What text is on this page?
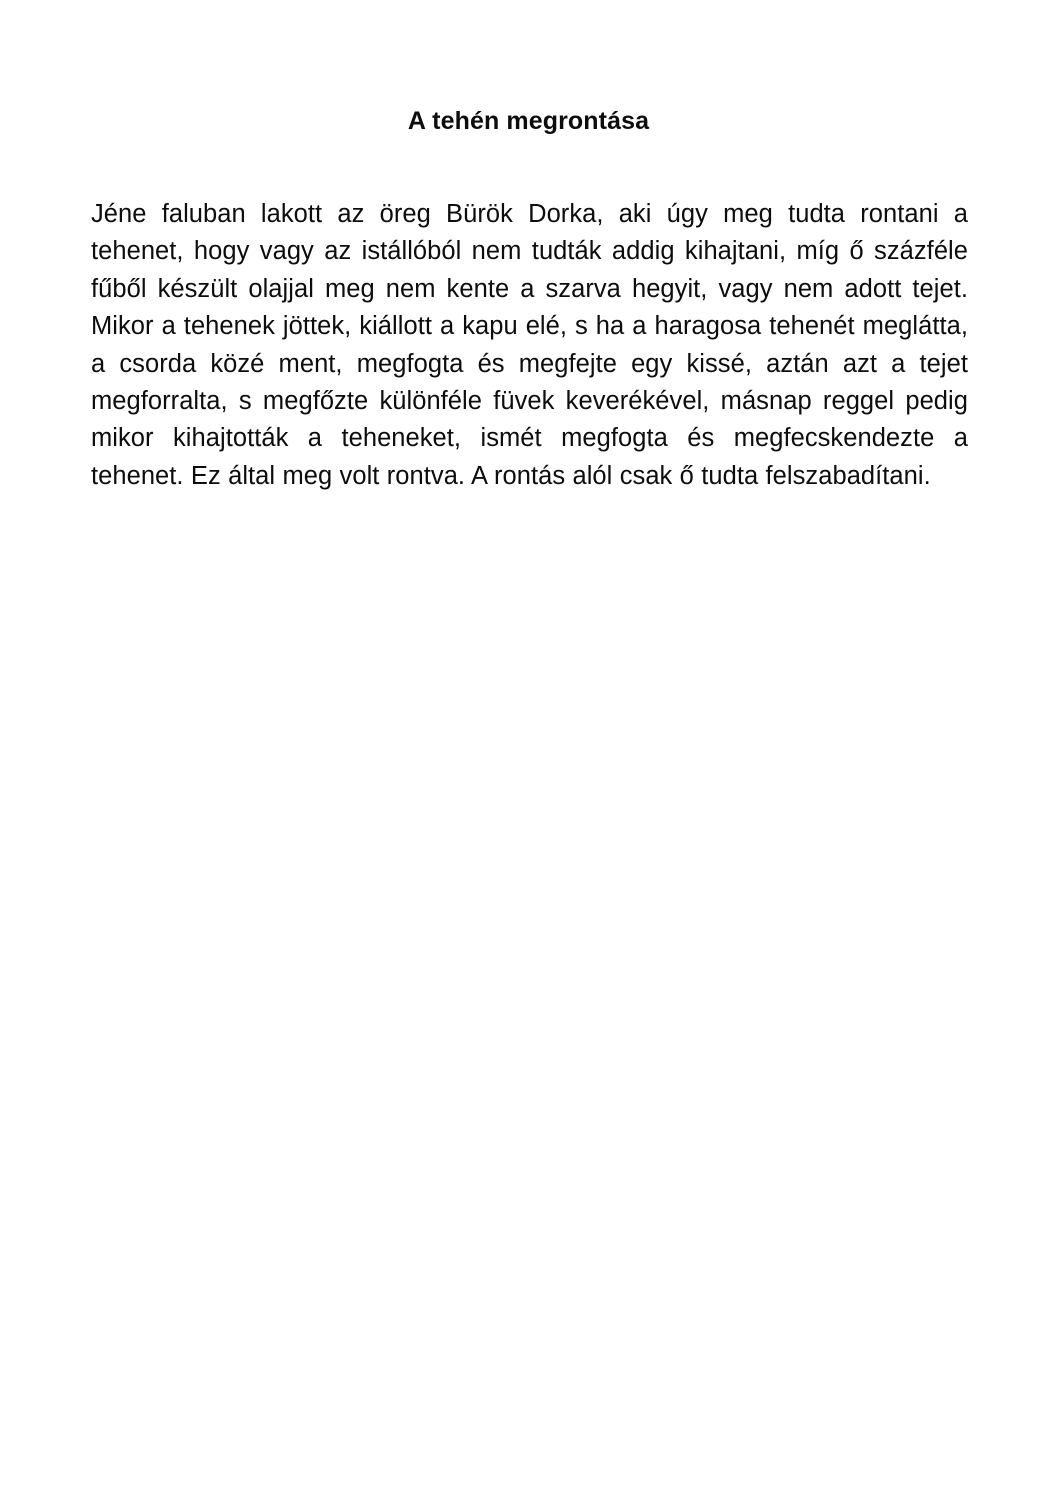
A tehén megrontása

Jéne faluban lakott az öreg Bürök Dorka, aki úgy meg tudta rontani a tehenet, hogy vagy az istállóból nem tudták addig kihajtani, míg ő százféle fűből készült olajjal meg nem kente a szarva hegyit, vagy nem adott tejet. Mikor a tehenek jöttek, kiállott a kapu elé, s ha a haragosa tehenét meglátta, a csorda közé ment, megfogta és megfejte egy kissé, aztán azt a tejet megforralta, s megfőzte különféle füvek keverékével, másnap reggel pedig mikor kihajtották a teheneket, ismét megfogta és megfecskendezte a tehenet. Ez által meg volt rontva. A rontás alól csak ő tudta felszabadítani.
